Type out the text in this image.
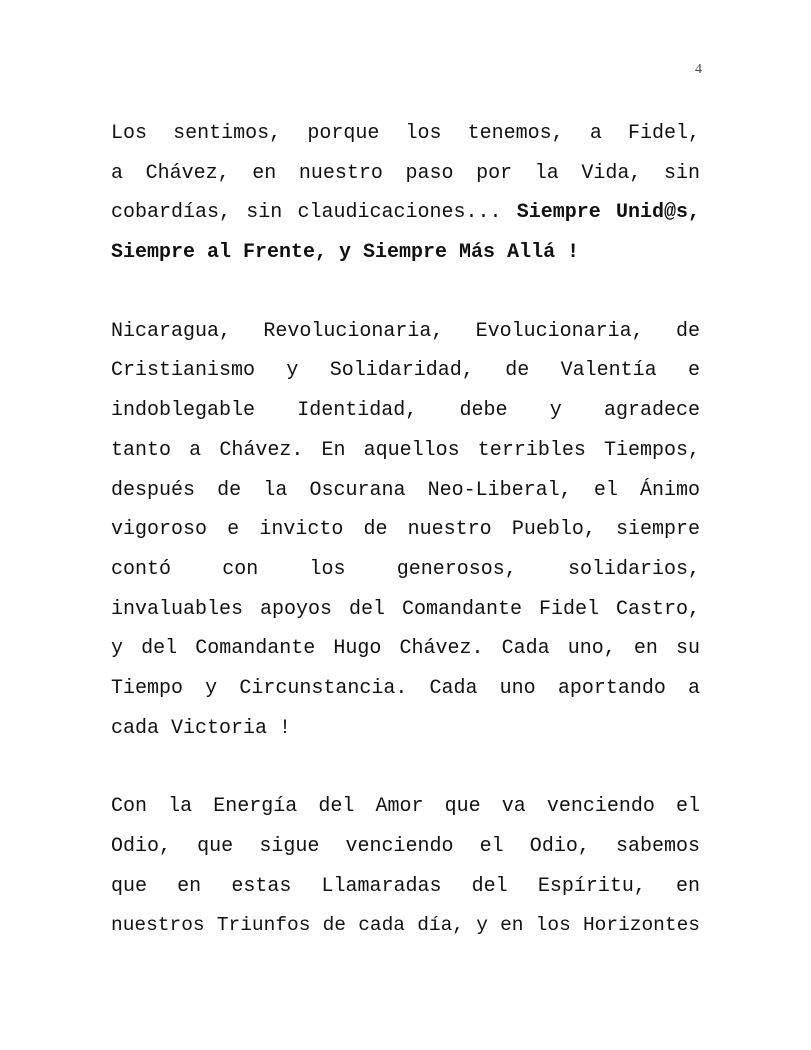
4
Los sentimos, porque los tenemos, a Fidel,
a Chávez, en nuestro paso por la Vida, sin
cobardías, sin claudicaciones... Siempre Unid@s,
Siempre al Frente, y Siempre Más Allá !
Nicaragua, Revolucionaria, Evolucionaria, de
Cristianismo y Solidaridad, de Valentía e
indoblegable Identidad, debe y agradece
tanto a Chávez. En aquellos terribles Tiempos,
después de la Oscurana Neo-Liberal, el Ánimo
vigoroso e invicto de nuestro Pueblo, siempre
contó con los generosos, solidarios,
invaluables apoyos del Comandante Fidel Castro,
y del Comandante Hugo Chávez. Cada uno, en su
Tiempo y Circunstancia. Cada uno aportando a
cada Victoria !
Con la Energía del Amor que va venciendo el
Odio, que sigue venciendo el Odio, sabemos
que en estas Llamaradas del Espíritu, en
nuestros Triunfos de cada día, y en los Horizontes
